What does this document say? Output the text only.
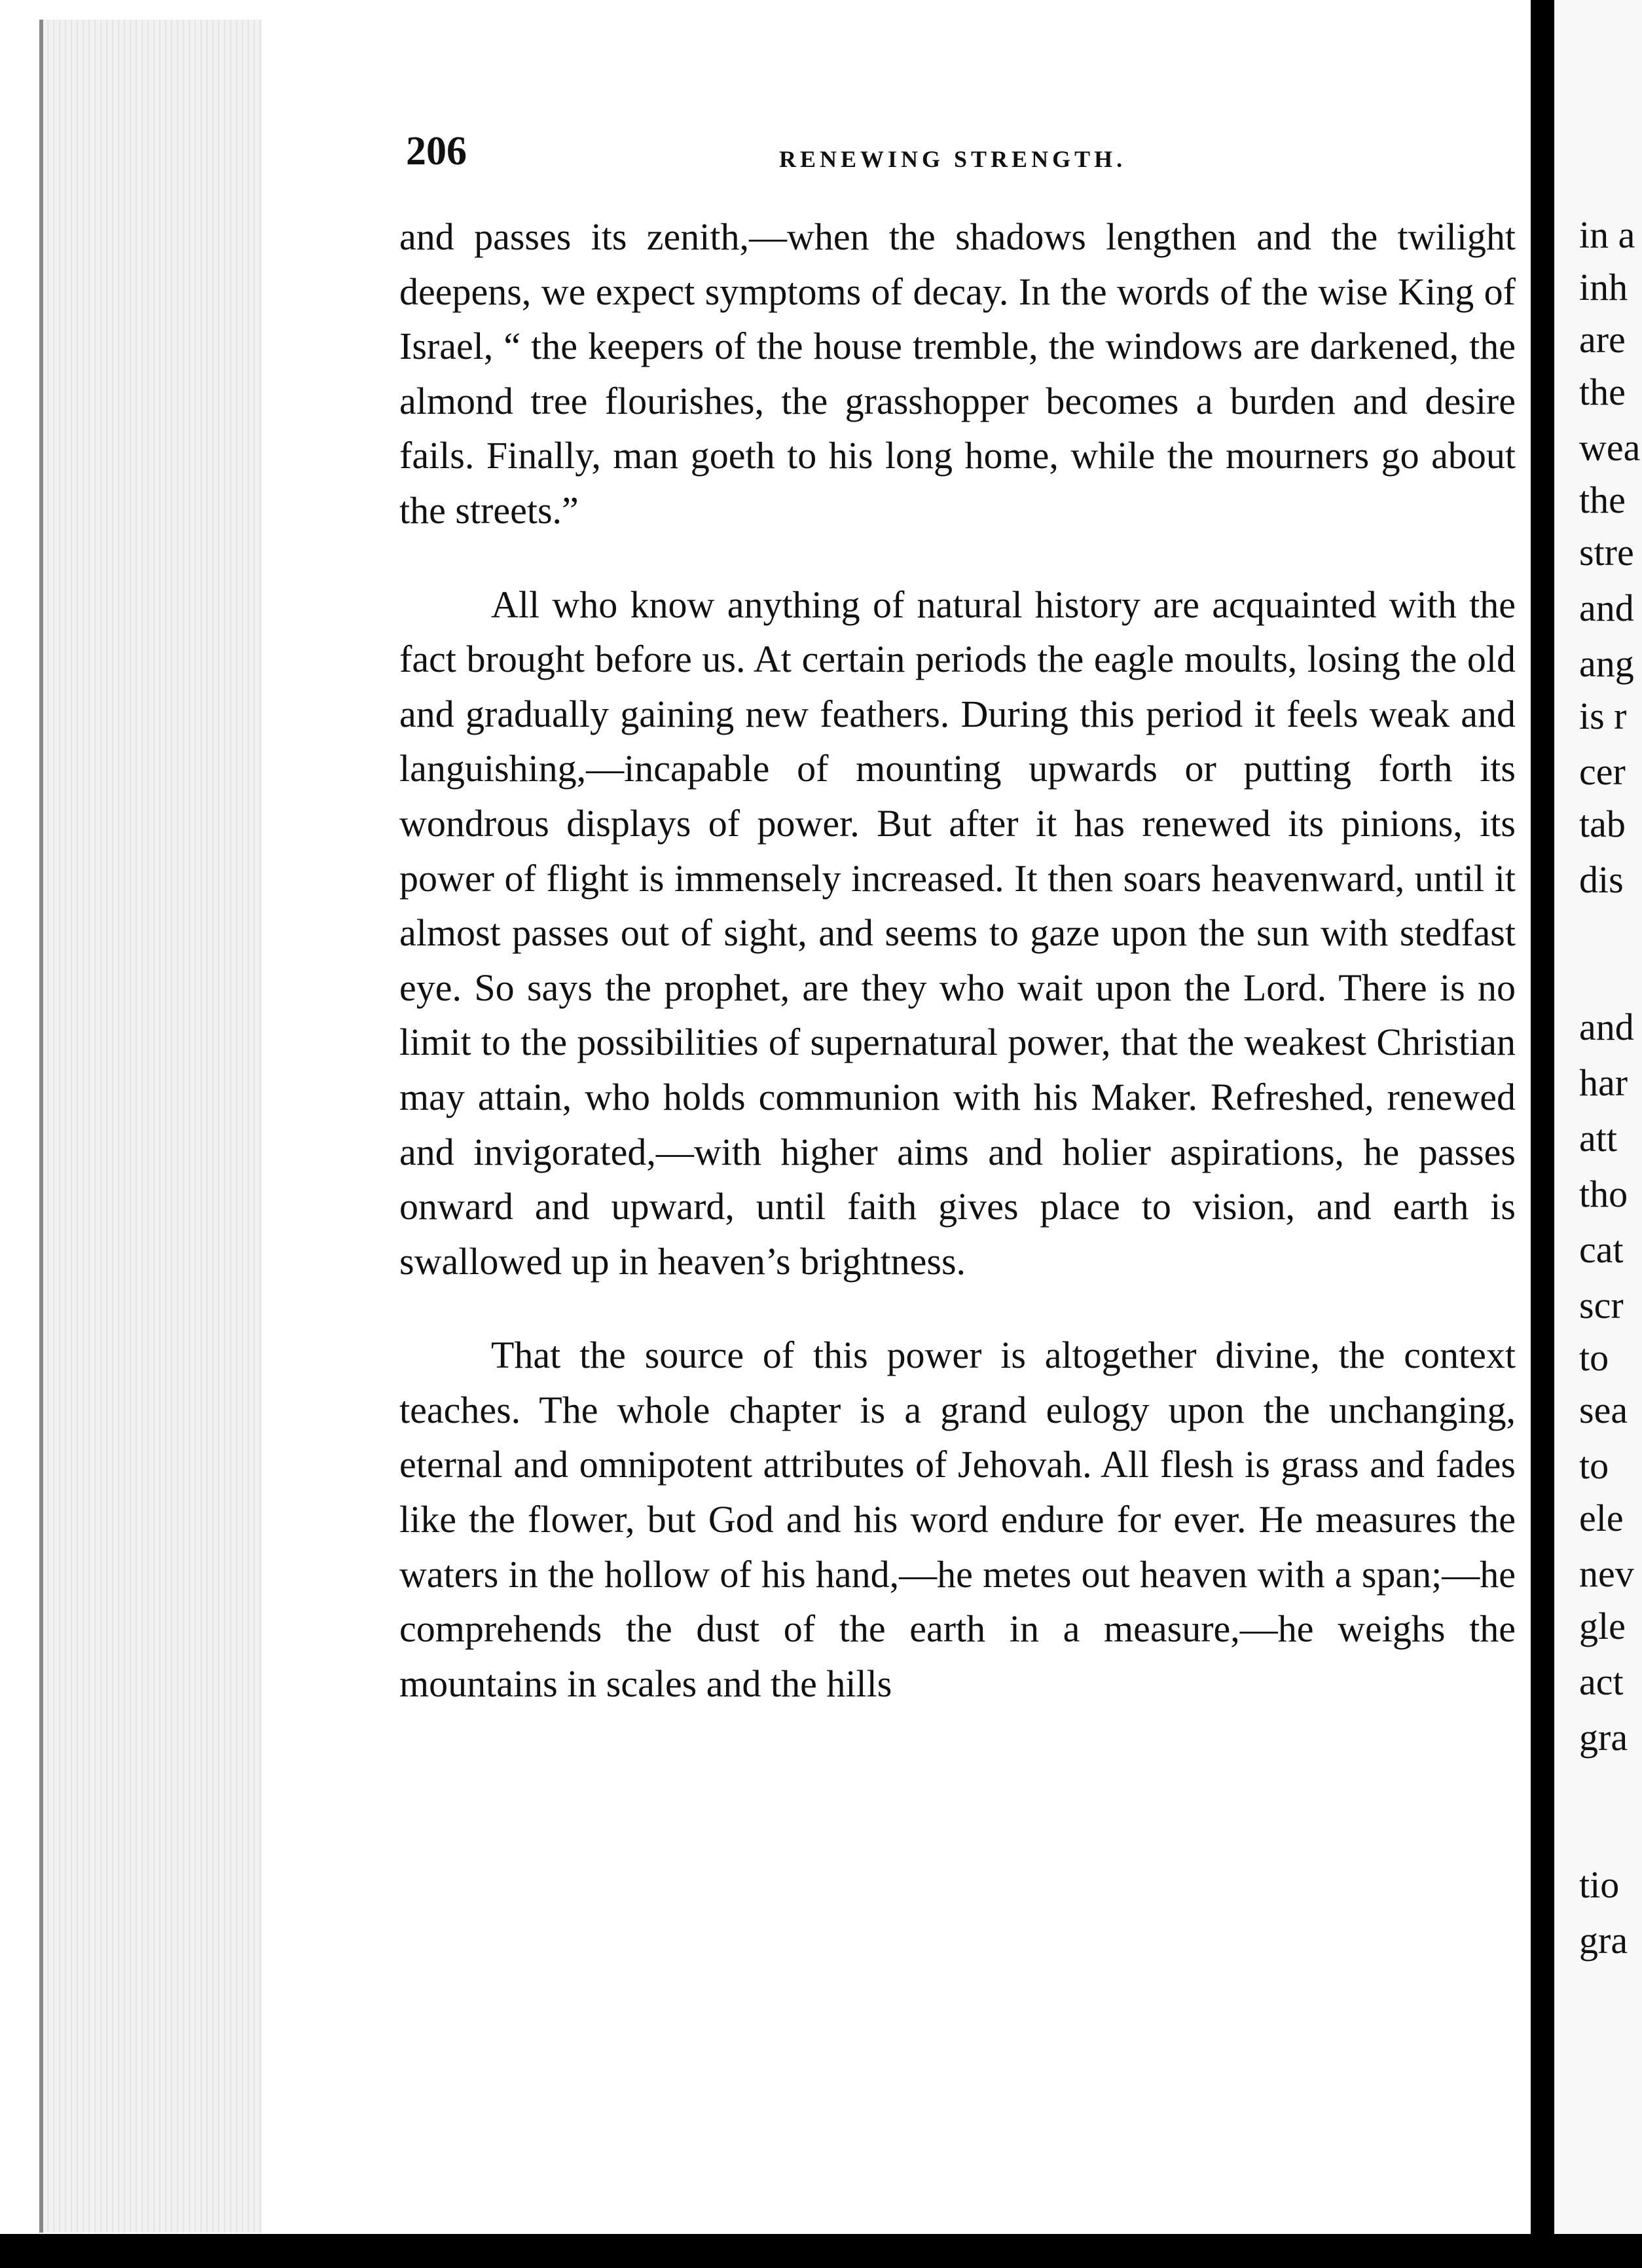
206	RENEWING STRENGTH.

and passes its zenith,—when the shadows lengthen and the twilight deepens, we expect symptoms of decay. In the words of the wise King of Israel, “ the keepers of the house tremble, the windows are darkened, the almond tree flourishes, the grasshopper becomes a burden and desire fails. Finally, man goeth to his long home, while the mourners go about the streets.”

All who know anything of natural history are acquainted with the fact brought before us. At certain periods the eagle moults, losing the old and gradually gaining new feathers. During this period it feels weak and languishing,—incapable of mounting upwards or putting forth its wondrous displays of power. But after it has renewed its pinions, its power of flight is immensely increased. It then soars heavenward, until it almost passes out of sight, and seems to gaze upon the sun with stedfast eye. So says the prophet, are they who wait upon the Lord. There is no limit to the possibilities of supernatural power, that the weakest Christian may attain, who holds communion with his Maker. Refreshed, renewed and invigorated,—with higher aims and holier aspirations, he passes onward and upward, until faith gives place to vision, and earth is swallowed up in heaven’s brightness.

That the source of this power is altogether divine, the context teaches. The whole chapter is a grand eulogy upon the unchanging, eternal and omnipotent attributes of Jehovah. All flesh is grass and fades like the flower, but God and his word endure for ever. He measures the waters in the hollow of his hand,—he metes out heaven with a span;—he comprehends the dust of the earth in a measure,—he weighs the mountains in scales and the hills

in a
inh
are
the
wea
the
stre
and
ang
is r
cer
tab
dis
and
har
att
tho
cat
scr
to
sea
to
ele
nev
gle
act
gra
tio
gra
